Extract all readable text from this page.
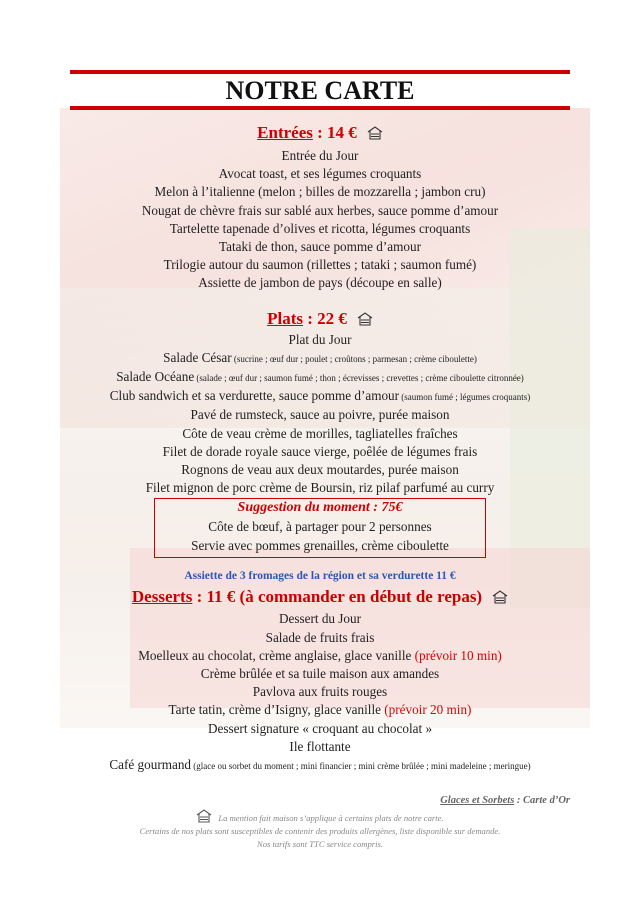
NOTRE CARTE
Entrées : 14 €
Entrée du Jour
Avocat toast, et ses légumes croquants
Melon à l’italienne (melon ; billes de mozzarella ; jambon cru)
Nougat de chèvre frais sur sablé aux herbes, sauce pomme d’amour
Tartelette tapenade d’olives et ricotta, légumes croquants
Tataki de thon, sauce pomme d’amour
Trilogie autour du saumon (rillettes ; tataki ; saumon fumé)
Assiette de jambon de pays (découpe en salle)
Plats : 22 €
Plat du Jour
Salade César (sucrine ; œuf dur ; poulet ; croûtons ; parmesan ; crème ciboulette)
Salade Océane (salade ; œuf dur ; saumon fumé ; thon ; écrevisses ; crevettes ; crème ciboulette citronnée)
Club sandwich et sa verdurette, sauce pomme d’amour (saumon fumé ; légumes croquants)
Pavé de rumsteck, sauce au poivre, purée maison
Côte de veau crème de morilles, tagliatelles fraîches
Filet de dorade royale sauce vierge, poêlée de légumes frais
Rognons de veau aux deux moutardes, purée maison
Filet mignon de porc crème de Boursin, riz pilaf parfumé au curry
Suggestion du moment : 75€
Côte de bœuf, à partager pour 2 personnes
Servie avec pommes grenailles, crème ciboulette
Assiette de 3 fromages de la région et sa verdurette 11 €
Desserts : 11 € (à commander en début de repas)
Dessert du Jour
Salade de fruits frais
Moelleux au chocolat, crème anglaise, glace vanille (prévoir 10 min)
Crème brûlée et sa tuile maison aux amandes
Pavlova aux fruits rouges
Tarte tatin, crème d’Isigny, glace vanille (prévoir 20 min)
Dessert signature « croquant au chocolat »
Ile flottante
Café gourmand (glace ou sorbet du moment ; mini financier ; mini crème brûlée ; mini madeleine ; meringue)
Glaces et Sorbets : Carte d’Or
La mention fait maison s’applique à certains plats de notre carte.
Certains de nos plats sont susceptibles de contenir des produits allergènes, liste disponible sur demande.
Nos tarifs sont TTC service compris.
